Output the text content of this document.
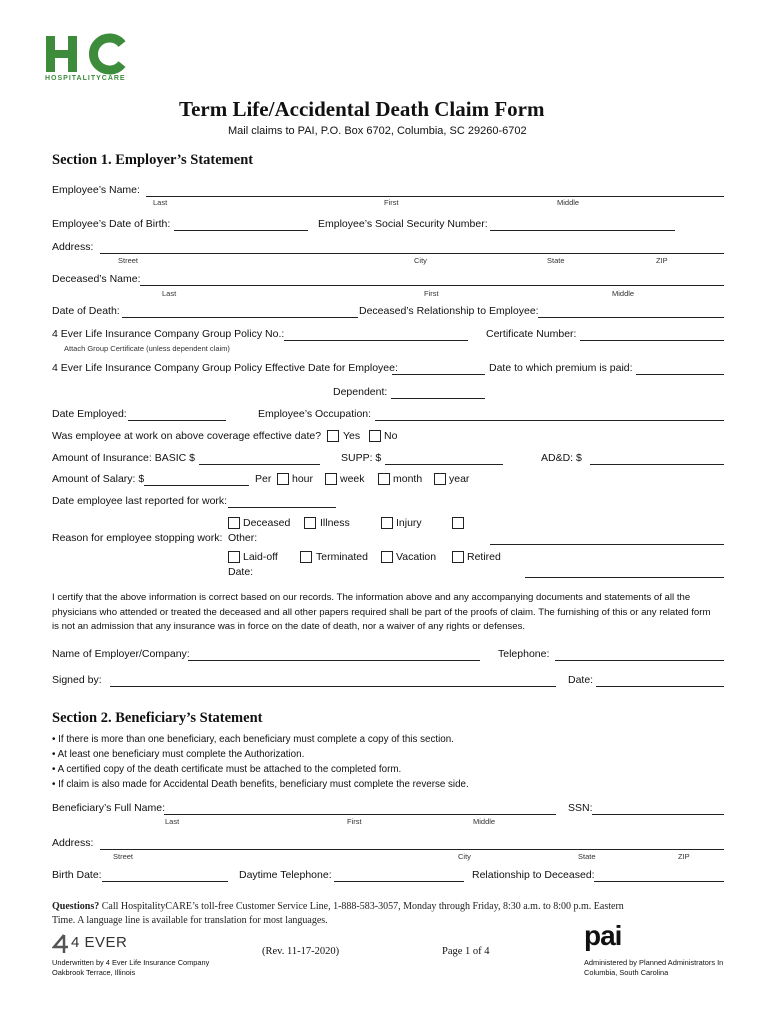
HOSPITALITYCARE
Term Life/Accidental Death Claim Form
Mail claims to PAI, P.O. Box 6702, Columbia, SC 29260-6702
Section 1. Employer’s Statement
Employee’s Name:
Last	First	Middle
Employee’s Date of Birth:	Employee’s Social Security Number:
Address:
Street	City	State	ZIP
Deceased’s Name:
Last	First	Middle
Date of Death:	Deceased’s Relationship to Employee:
4 Ever Life Insurance Company Group Policy No.:	Certificate Number:
Attach Group Certificate (unless dependent claim)
4 Ever Life Insurance Company Group Policy Effective Date for Employee:	Date to which premium is paid:
Dependent:
Date Employed:	Employee’s Occupation:
Was employee at work on above coverage effective date? Yes No
Amount of Insurance: BASIC $	SUPP: $	AD&D: $
Amount of Salary: $	Per hour	week	month	year
Date employee last reported for work:
Deceased	Illness	Injury
Reason for employee stopping work: Other:
Laid-off	Terminated	Vacation	Retired
Date:
I certify that the above information is correct based on our records. The information above and any accompanying documents and statements of all the
physicians who attended or treated the deceased and all other papers required shall be part of the proofs of claim. The furnishing of this or any related form
is not an admission that any insurance was in force on the date of death, nor a waiver of any rights or defenses.
Name of Employer/Company:	Telephone:
Signed by:	Date:
Section 2. Beneficiary’s Statement
• If there is more than one beneficiary, each beneficiary must complete a copy of this section.
• At least one beneficiary must complete the Authorization.
• A certified copy of the death certificate must be attached to the completed form.
• If claim is also made for Accidental Death benefits, beneficiary must complete the reverse side.
Beneficiary’s Full Name:	SSN:
Last	First	Middle
Address:
Street	City	State	ZIP
Birth Date:	Daytime Telephone:	Relationship to Deceased:
Questions? Call HospitalityCARE’s toll-free Customer Service Line, 1-888-583-3057, Monday through Friday, 8:30 a.m. to 8:00 p.m. Eastern
Time. A language line is available for translation for most languages.
4 EVER
Underwritten by 4 Ever Life Insurance Company
Oakbrook Terrace, Illinois
(Rev. 11-17-2020)	Page 1 of 4
pai
Administered by Planned Administrators In
Columbia, South Carolina
